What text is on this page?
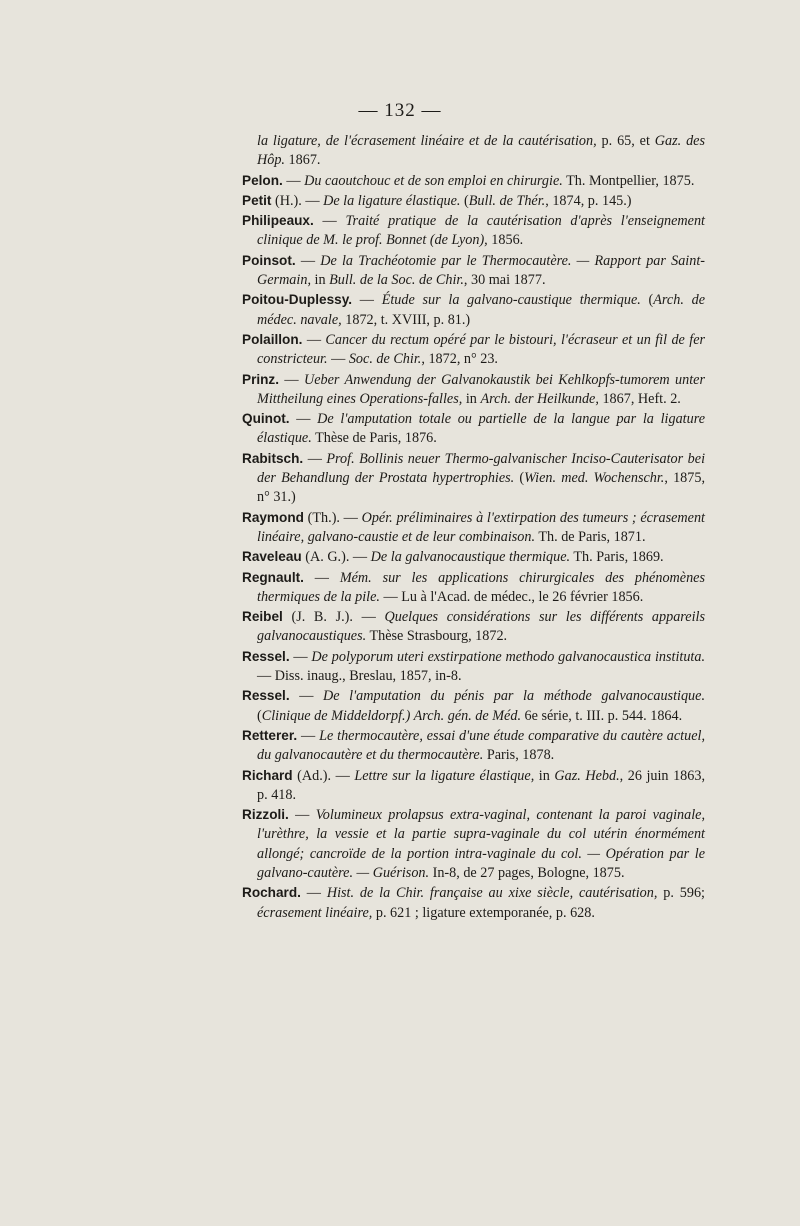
— 132 —
la ligature, de l'écrasement linéaire et de la cautérisation, p. 65, et Gaz. des Hôp. 1867.
Pelon. — Du caoutchouc et de son emploi en chirurgie. Th. Montpellier, 1875.
Petit (H.). — De la ligature élastique. (Bull. de Thér., 1874, p. 145.)
Philipeaux. — Traité pratique de la cautérisation d'après l'enseignement clinique de M. le prof. Bonnet (de Lyon), 1856.
Poinsot. — De la Trachéotomie par le Thermocautère. — Rapport par Saint-Germain, in Bull. de la Soc. de Chir., 30 mai 1877.
Poitou-Duplessy. — Étude sur la galvano-caustique thermique. (Arch. de médec. navale, 1872, t. XVIII, p. 81.)
Polaillon. — Cancer du rectum opéré par le bistouri, l'écraseur et un fil de fer constricteur. — Soc. de Chir., 1872, n° 23.
Prinz. — Ueber Anwendung der Galvanokaustik bei Kehlkopfs-tumorem unter Mittheilung eines Operations-falles, in Arch. der Heilkunde, 1867, Heft. 2.
Quinot. — De l'amputation totale ou partielle de la langue par la ligature élastique. Thèse de Paris, 1876.
Rabitsch. — Prof. Bollinis neuer Thermo-galvanischer Inciso-Cauterisator bei der Behandlung der Prostata hypertrophies. (Wien. med. Wochenschr., 1875, n° 31.)
Raymond (Th.). — Opér. préliminaires à l'extirpation des tumeurs ; écrasement linéaire, galvano-caustie et de leur combinaison. Th. de Paris, 1871.
Raveleau (A. G.). — De la galvanocaustique thermique. Th. Paris, 1869.
Regnault. — Mém. sur les applications chirurgicales des phénomènes thermiques de la pile. — Lu à l'Acad. de médec., le 26 février 1856.
Reibel (J. B. J.). — Quelques considérations sur les différents appareils galvanocaustiques. Thèse Strasbourg, 1872.
Ressel. — De polyporum uteri exstirpatione methodo galvanocaustica instituta. — Diss. inaug., Breslau, 1857, in-8.
Ressel. — De l'amputation du pénis par la méthode galvanocaustique. (Clinique de Middeldorpf.) Arch. gén. de Méd. 6e série, t. III. p. 544. 1864.
Retterer. — Le thermocautère, essai d'une étude comparative du cautère actuel, du galvanocautère et du thermocautère. Paris, 1878.
Richard (Ad.). — Lettre sur la ligature élastique, in Gaz. Hebd., 26 juin 1863, p. 418.
Rizzoli. — Volumineux prolapsus extra-vaginal, contenant la paroi vaginale, l'urèthre, la vessie et la partie supra-vaginale du col utérin énormément allongé; cancroïde de la portion intra-vaginale du col. — Opération par le galvano-cautère. — Guérison. In-8, de 27 pages, Bologne, 1875.
Rochard. — Hist. de la Chir. française au xixe siècle, cautérisation, p. 596; écrasement linéaire, p. 621 ; ligature extemporanée, p. 628.
